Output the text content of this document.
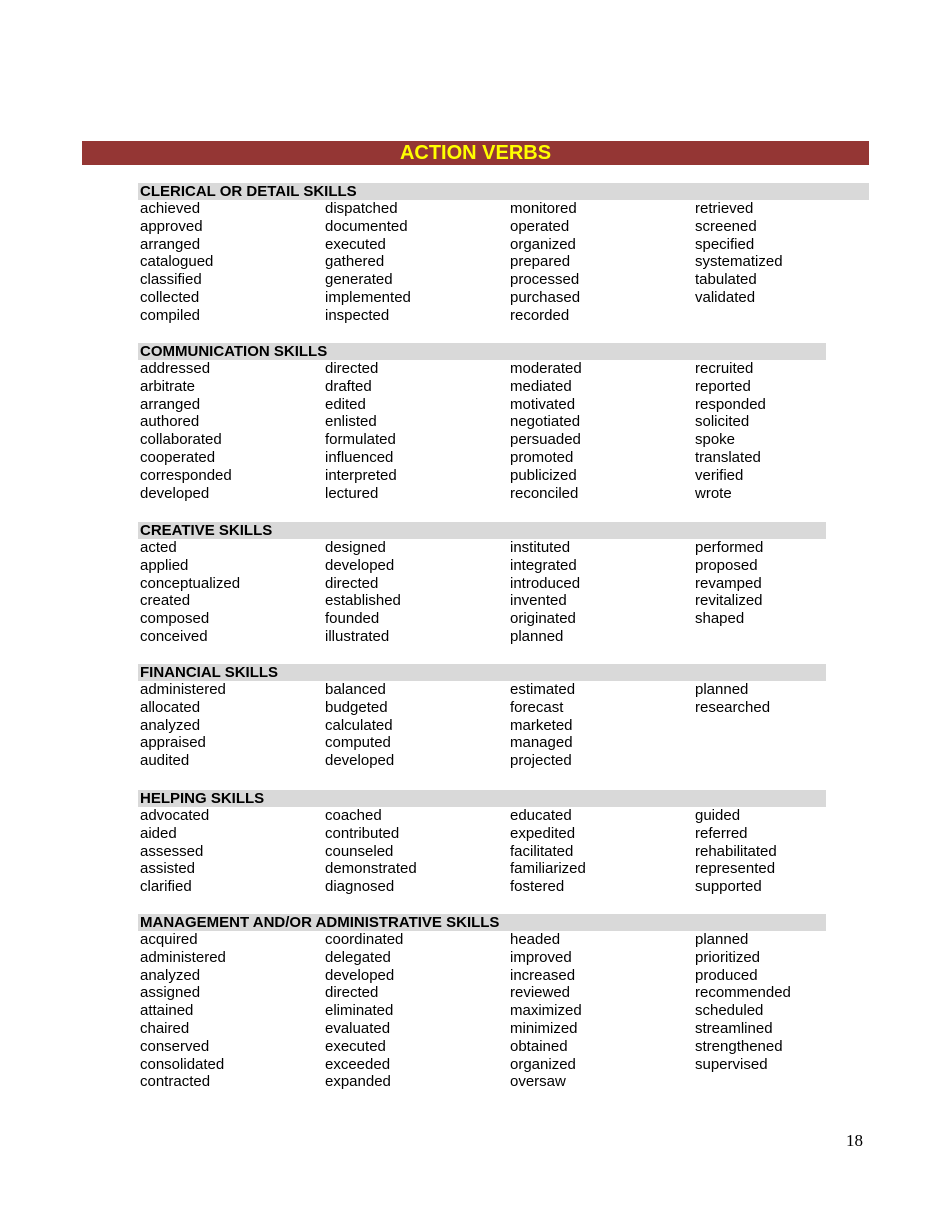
ACTION VERBS
CLERICAL OR DETAIL SKILLS
achieved
approved
arranged
catalogued
classified
collected
compiled
dispatched
documented
executed
gathered
generated
implemented
inspected
monitored
operated
organized
prepared
processed
purchased
recorded
retrieved
screened
specified
systematized
tabulated
validated
COMMUNICATION SKILLS
addressed
arbitrate
arranged
authored
collaborated
cooperated
corresponded
developed
directed
drafted
edited
enlisted
formulated
influenced
interpreted
lectured
moderated
mediated
motivated
negotiated
persuaded
promoted
publicized
reconciled
recruited
reported
responded
solicited
spoke
translated
verified
wrote
CREATIVE SKILLS
acted
applied
conceptualized
created
composed
conceived
designed
developed
directed
established
founded
illustrated
instituted
integrated
introduced
invented
originated
planned
performed
proposed
revamped
revitalized
shaped
FINANCIAL SKILLS
administered
allocated
analyzed
appraised
audited
balanced
budgeted
calculated
computed
developed
estimated
forecast
marketed
managed
projected
planned
researched
HELPING SKILLS
advocated
aided
assessed
assisted
clarified
coached
contributed
counseled
demonstrated
diagnosed
educated
expedited
facilitated
familiarized
fostered
guided
referred
rehabilitated
represented
supported
MANAGEMENT AND/OR ADMINISTRATIVE SKILLS
acquired
administered
analyzed
assigned
attained
chaired
conserved
consolidated
contracted
coordinated
delegated
developed
directed
eliminated
evaluated
executed
exceeded
expanded
headed
improved
increased
reviewed
maximized
minimized
obtained
organized
oversaw
planned
prioritized
produced
recommended
scheduled
streamlined
strengthened
supervised
18
